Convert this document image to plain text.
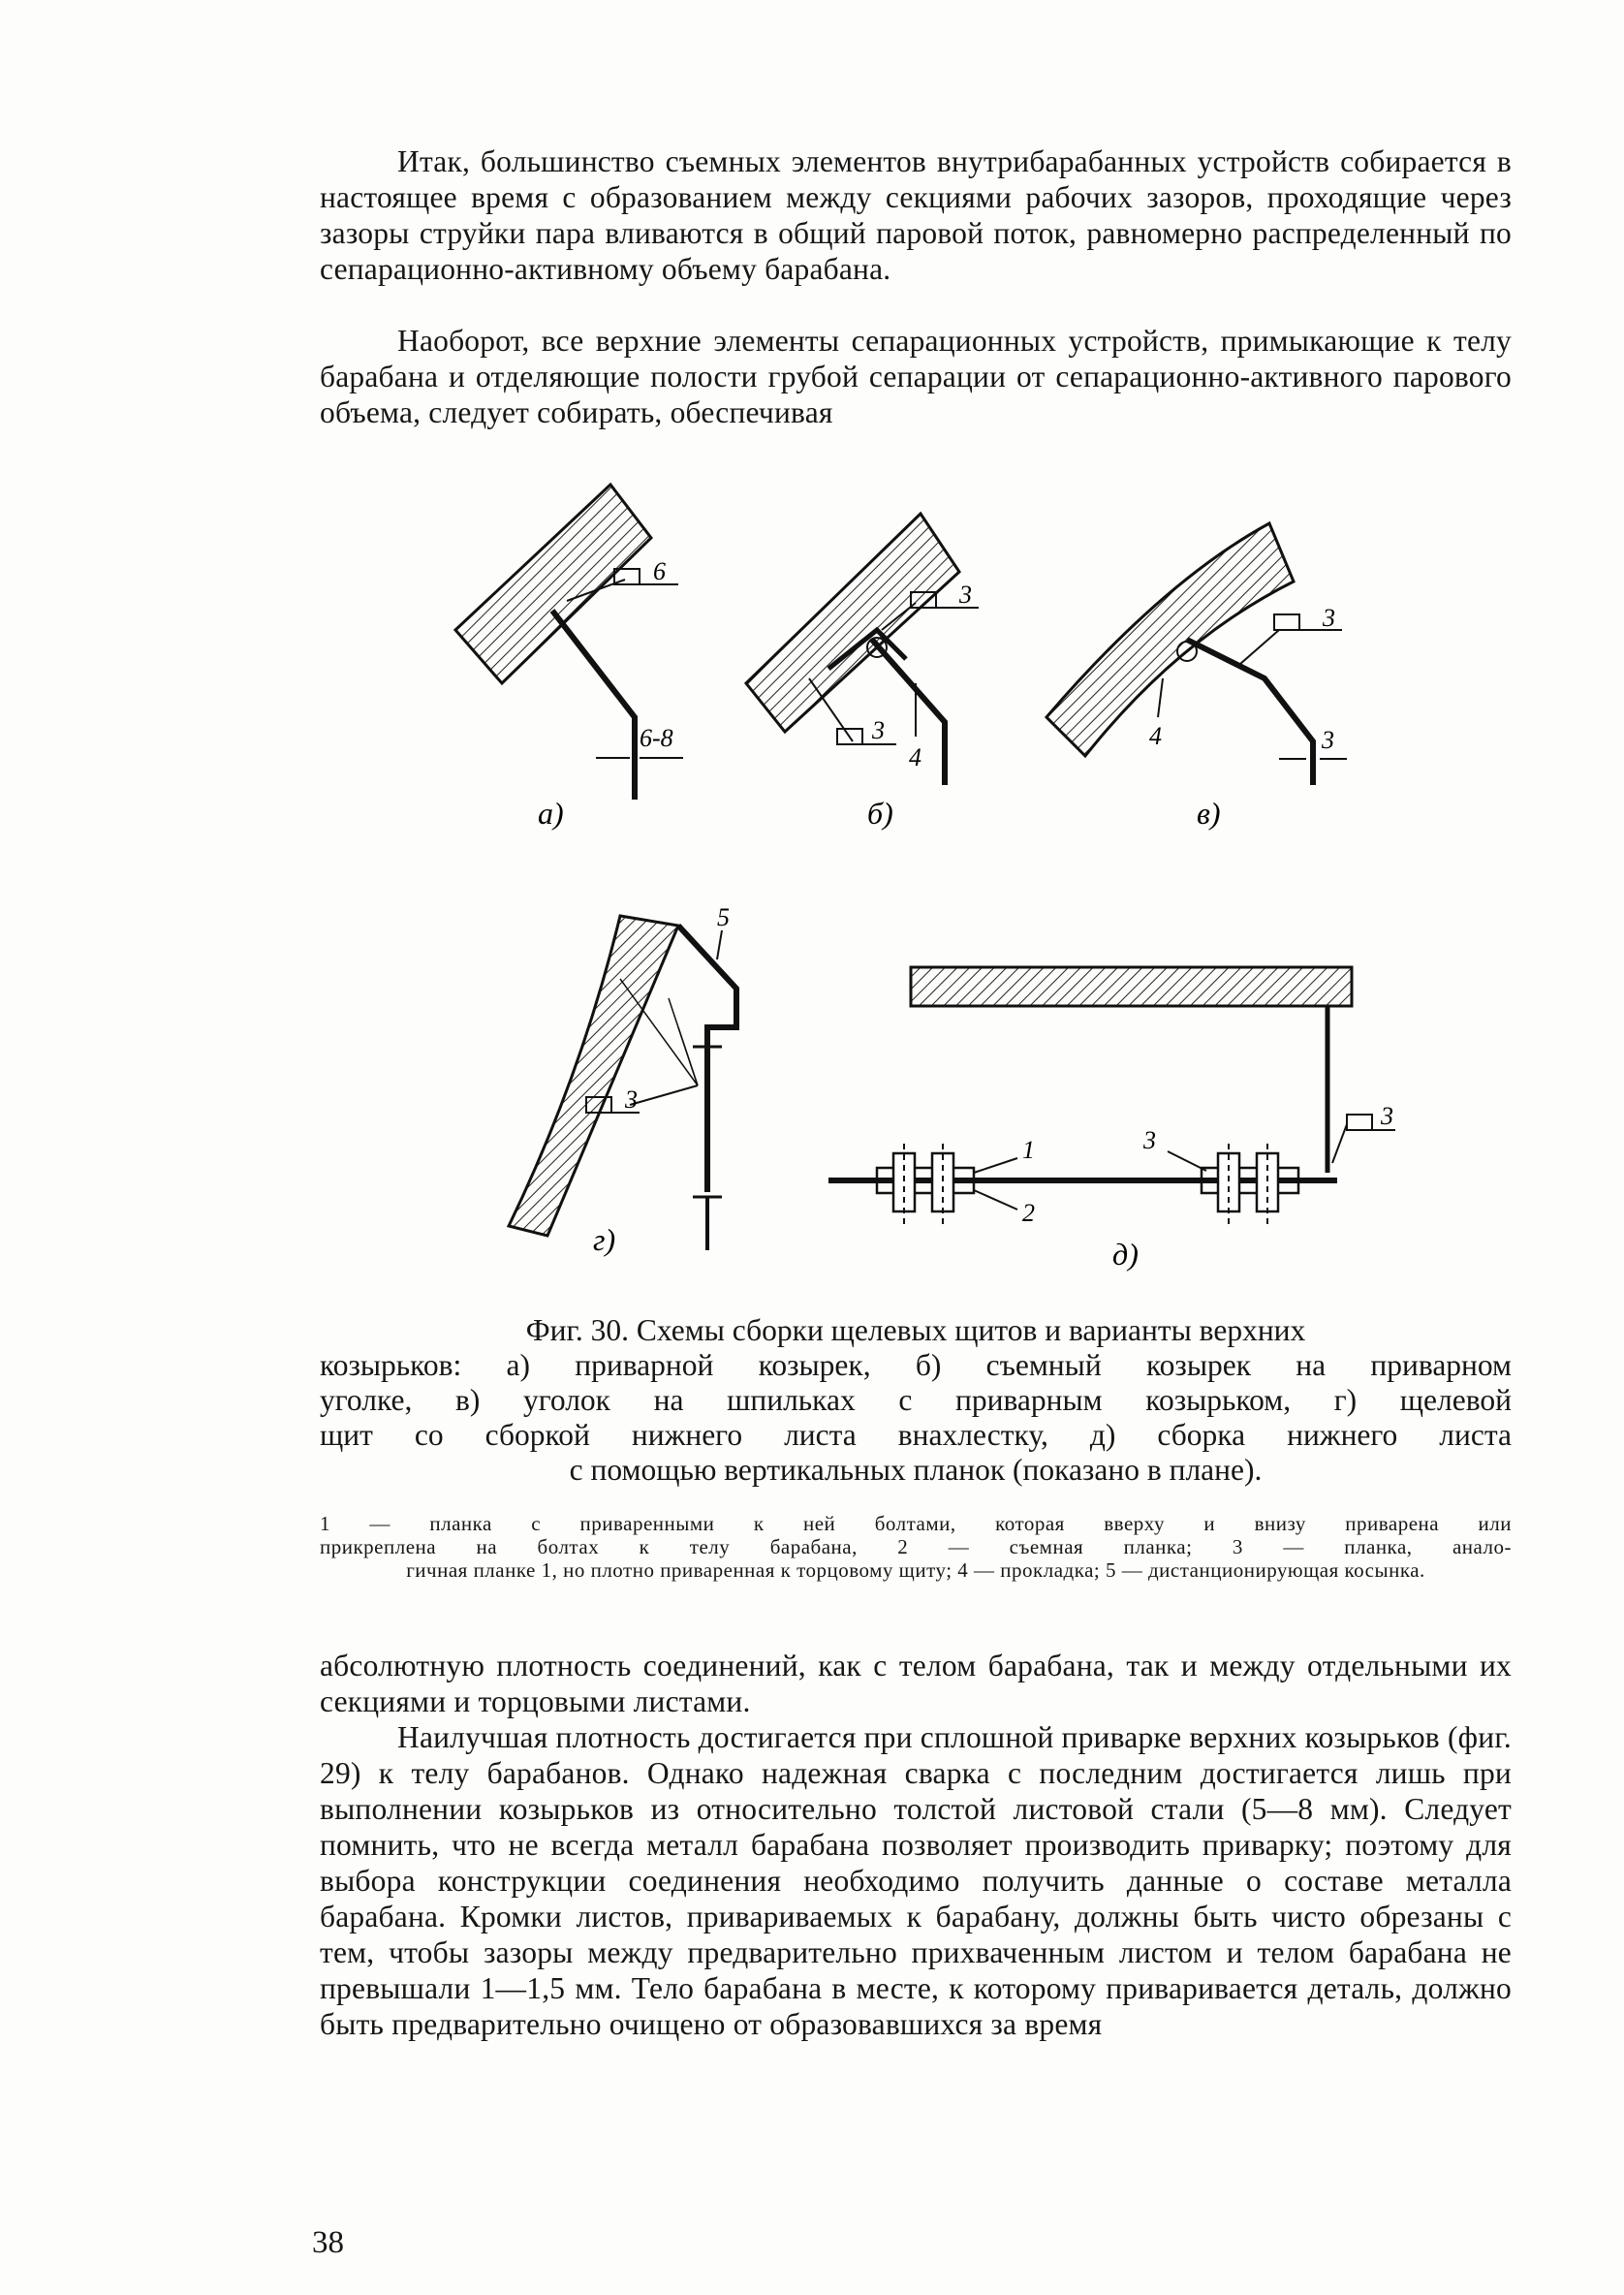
Итак, большинство съемных элементов внутрибарабанных устройств собирается в настоящее время с образованием между секциями рабочих зазоров, проходящие через зазоры струйки пара вливаются в общий паровой поток, равномерно распределенный по сепарационно-активному объему барабана.

Наоборот, все верхние элементы сепарационных устройств, примыкающие к телу барабана и отделяющие полости грубой сепарации от сепарационно-активного парового объема, следует собирать, обеспечивая

6
6-8
а)
3
3
4
б)
3
4	3
в)
3
5
г)
1
2
3
3
д)
Фиг. 30. Схемы сборки щелевых щитов и варианты верхних
козырьков: а) приварной козырек, б) съемный козырек на приварном
уголке, в) уголок на шпильках с приварным козырьком, г) щелевой
щит со сборкой нижнего листа внахлестку, д) сборка нижнего листа
с помощью вертикальных планок (показано в плане).
1 — планка с приваренными к ней болтами, которая вверху и внизу приварена или
прикреплена на болтах к телу барабана, 2 — съемная планка; 3 — планка, анало-
гичная планке 1, но плотно приваренная к торцовому щиту; 4 — прокладка; 5 — дистанционирующая косынка.

абсолютную плотность соединений, как с телом барабана, так и между отдельными их секциями и торцовыми листами.

Наилучшая плотность достигается при сплошной приварке верхних козырьков (фиг. 29) к телу барабанов. Однако надежная сварка с последним достигается лишь при выполнении козырьков из относительно толстой листовой стали (5—8 мм). Следует помнить, что не всегда металл барабана позволяет производить приварку; поэтому для выбора конструкции соединения необходимо получить данные о составе металла барабана. Кромки листов, привариваемых к барабану, должны быть чисто обрезаны с тем, чтобы зазоры между предварительно прихваченным листом и телом барабана не превышали 1—1,5 мм. Тело барабана в месте, к которому приваривается деталь, должно быть предварительно очищено от образовавшихся за время

38
